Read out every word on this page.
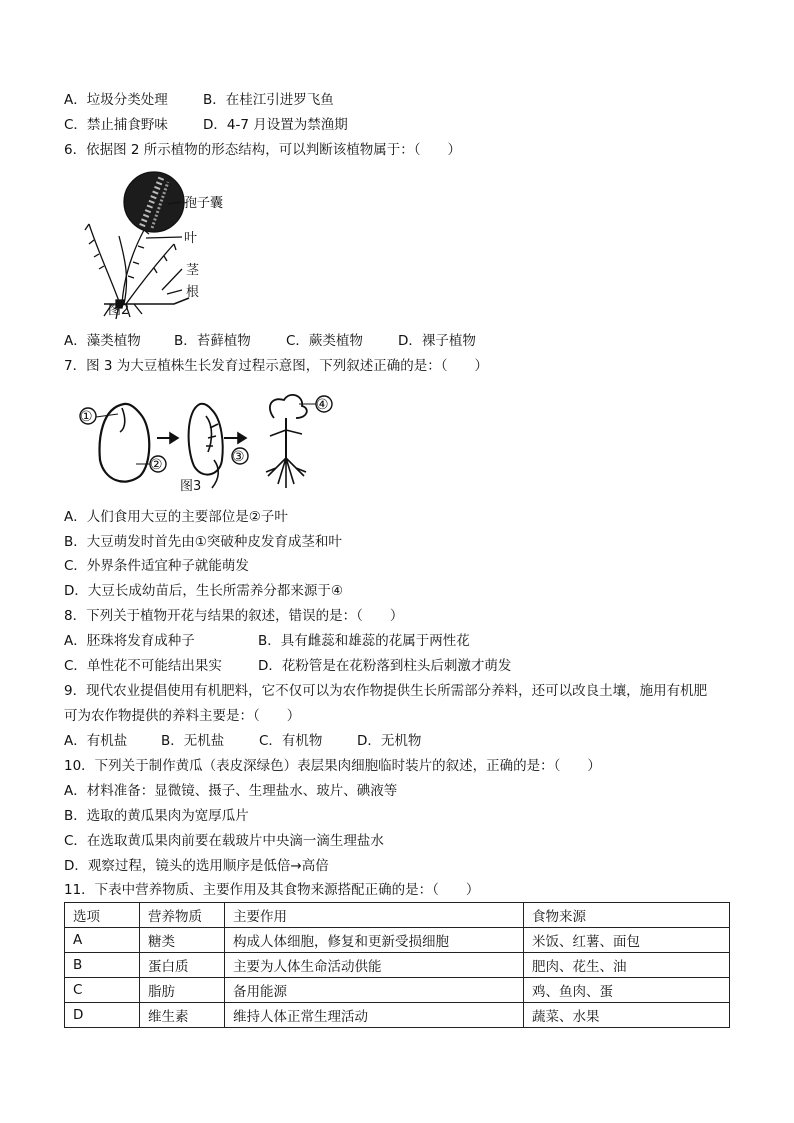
A．垃圾分类处理	B．在桂江引进罗飞鱼
C．禁止捕食野味	D．4-7 月设置为禁渔期
6．依据图 2 所示植物的形态结构，可以判断该植物属于：（　　）
孢子囊
叶
茎
根
图2
A．藻类植物 B．苔藓植物	C．蕨类植物	D．裸子植物
7．图 3 为大豆植株生长发育过程示意图，下列叙述正确的是：（　　）
①
②	③
④
图3
A．人们食用大豆的主要部位是②子叶
B．大豆萌发时首先由①突破种皮发育成茎和叶
C．外界条件适宜种子就能萌发
D．大豆长成幼苗后，生长所需养分都来源于④
8．下列关于植物开花与结果的叙述，错误的是：（　　）
A．胚珠将发育成种子	B．具有雌蕊和雄蕊的花属于两性花
C．单性花不可能结出果实	D．花粉管是在花粉落到柱头后刺激才萌发
9．现代农业提倡使用有机肥料，它不仅可以为农作物提供生长所需部分养料，还可以改良土壤，施用有机肥
可为农作物提供的养料主要是：（　　）
A．有机盐	B．无机盐	C．有机物	D．无机物
10．下列关于制作黄瓜（表皮深绿色）表层果肉细胞临时装片的叙述，正确的是：（　　）
A．材料准备：显微镜、摄子、生理盐水、玻片、碘液等
B．选取的黄瓜果肉为宽厚瓜片
C．在选取黄瓜果肉前要在载玻片中央滴一滴生理盐水
D．观察过程，镜头的选用顺序是低倍→高倍
11．下表中营养物质、主要作用及其食物来源搭配正确的是：（　　）
选项	营养物质	主要作用	食物来源
A	糖类	构成人体细胞，修复和更新受损细胞	米饭、红薯、面包
B	蛋白质	主要为人体生命活动供能	肥肉、花生、油
C	脂肪	备用能源	鸡、鱼肉、蛋
D	维生素	维持人体正常生理活动	蔬菜、水果
